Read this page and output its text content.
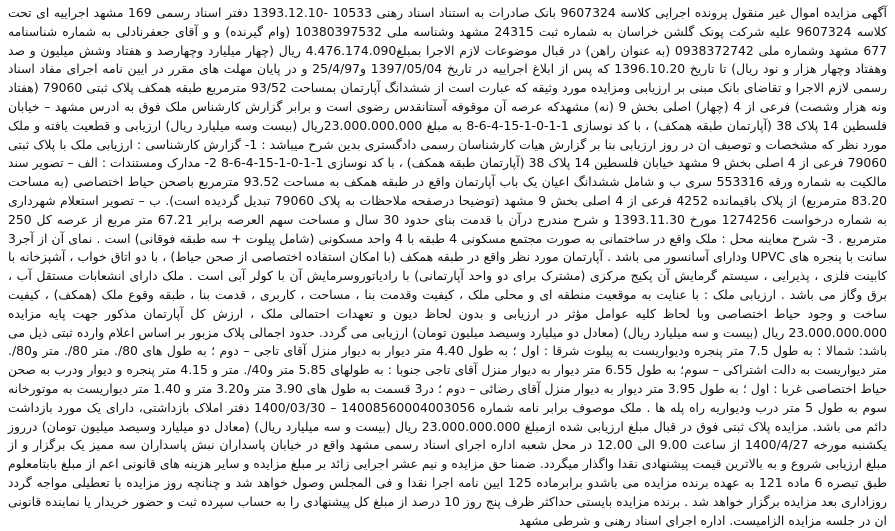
آگهی مزایده اموال غیر منقول پرونده اجرایی کلاسه 9607324 بانک صادرات به استناد اسناد رهنی 10533 -1393.12.10 دفتر اسناد رسمی 169 مشهد اجراییه ای تحت کلاسه 9607324 علیه شرکت پونک گلشن خراسان به شماره ثبت 24315 مشهد وشناسه ملی 10380397532 (وام گیرنده) و و آقای جعفرنادلی به شماره شناسنامه 677 مشهد وشماره ملی 0938372742 (به عنوان راهن) در قبال موضوعات لازم الاجرا بمبلغ4.476.174.090 ریال (چهار میلیارد وچهارصد و هفتاد وشش میلیون و صد وهفتاد وچهار هزار و نود ریال) تا تاریخ 1396.10.20 که پس از ابلاغ اجراییه در تاریخ 1397/05/04 و25/4/97 و در پایان مهلت های مقرر در ایین نامه اجرای مفاد اسناد رسمی لازم الاجرا و تقاضای بانک مبنی بر ارزیابی ومزایده مورد وثیقه که عبارت است از ششدانگ آپارتمان بمساحت 93/52 مترمربع طبقه همکف پلاک ثبتی 79060 (هفتاد ونه هزار وشصت) فرعی از 4 (چهار) اصلی بخش 9 (نه) مشهدکه عرصه آن موقوفه آستانقدس رضوی است و برابر گزارش کارشناس ملک فوق به ادرس مشهد – خیابان فلسطین 14 پلاک 38 (آپارتمان طبقه همکف) ، با کد نوسازی 1-1-0-1-15-4-6-8 به مبلغ 23.000.000.000ریال (بیست وسه میلیارد ریال) ارزیابی و قطعیت یافته و ملک مورد نظر که مشخصات و توصیف ان در روز ارزیابی بنا بر گزارش هیات کارشناسان رسمی دادگستری بدین شرح میباشد : 1- گزارش کارشناسی : ارزیابی ملک با پلاک ثبتی 79060 فرعی از 4 اصلی بخش 9 مشهد خیابان فلسطین 14 پلاک 38 (آپارتمان طبقه همکف) ، با کد نوسازی 1-1-0-1-15-4-6-8 2- مدارک ومستندات : الف – تصویر سند مالکیت به شماره ورقه 553316 سری ب و شامل ششدانگ اعیان یک باب آپارتمان واقع در طبقه همکف به مساحت 93.52 مترمربع باصحن حیاط اختصاصی (به مساحت 83.20 مترمربع) از پلاک باقیمانده 4252 فرعی از 4 اصلی بخش 9 مشهد (توضیحا درصفحه ملاحظات به پلاک 79060 تبدیل گردیده است). ب – تصویر استعلام شهرداری به شماره درخواست 1274256 مورخ 1393.11.30 و شرح مندرج درآن با قدمت بنای حدود 30 سال و مساحت سهم العرصه برابر 67.21 متر مربع از عرصه کل 250 مترمربع . 3- شرح معاینه محل : ملک واقع در ساختمانی به صورت مجتمع مسکونی 4 طبقه با 4 واحد مسکونی (شامل پیلوت + سه طبقه فوقانی) است . نمای آن از آجر3 سانت با پنجره های UPVC ودارای آسانسور می باشد . آپارتمان مورد نظر واقع در طبقه همکف (با امکان استفاده اختصاصی از صحن حیاط) ، با دو اتاق خواب ، آشپزخانه با کابینت فلزی ، پذیرایی ، سیستم گرمایش آن پکیج مرکزی (مشترک برای دو واحد آپارتمانی) با رادیاتوروسرمایش آن با کولر آبی است . ملک دارای انشعابات مستقل آب ، برق وگاز می باشد . ارزیابی ملک : با عنایت به موقعیت منطقه ای و محلی ملک ، کیفیت وقدمت بنا ، مساحت ، کاربری ، قدمت بنا ، طبقه وقوع ملک (همکف) ، کیفیت ساخت و وجود حیاط اختصاصی وبا لحاظ کلیه عوامل مؤثر در ارزیابی و بدون لحاظ دیون و تعهدات احتمالی ملک ، ارزش کل آپارتمان مذکور جهت پایه مزایده 23.000.000.000 ریال (بیست و سه میلیارد ریال) (معادل دو میلیارد وسیصد میلیون تومان) ارزیابی می گردد. حدود اجمالی پلاک مزبور بر اساس اعلام وارده ثبتی ذیل می باشد: شمالا : به طول 7.5 متر پنجره ودیواریست به پیلوت شرقا : اول ؛ به طول 4.40 متر دیوار به دیوار منزل آقای تاجی – دوم ؛ به طول های 80/. متر 80/. متر و80/. متر دیواریست به دالت اشتراکی – سوم؛ به طول 6.55 متر دیوار به دیوار منزل آقای تاجی جنوبا : به طولهای 5.85 متر و40/. متر و 4.15 متر پنجره و دیوار ودرب به صحن حیاط اختصاصی غربا : اول ؛ به طول 3.95 متر دیوار به دیوار منزل آقای رضائی – دوم ؛ در3 قسمت به طول های 3.90 متر و3.20 متر و 1.40 متر دیواریست به موتورخانه سوم به طول 5 متر درب ودیواریه راه پله ها . ملک موصوف برابر نامه شماره 14008560004003056 – 1400/03/30 دفتر املاک بازداشتی، دارای یک مورد بازداشت دائم می باشد. مزایده پلاک ثبتی فوق در قبال مبلغ ارزیابی شده ازمبلغ 23.000.000.000 ریال (بیست و سه میلیارد ریال) (معادل دو میلیارد وسیصد میلیون تومان) درروز یکشنبه مورخه 1400/4/27 از ساعت 9.00 الی 12.00 در محل شعبه اداره اجرای اسناد رسمی مشهد واقع در خیابان پاسداران نبش پاسداران سه ممیز یک برگزار و از مبلغ ارزیابی شروع و به بالاترین قیمت پیشنهادی نقدا واگذار میگردد. ضمنا حق مزایده و نیم عشر اجرایی زائد بر مبلغ مزایده و سایر هزینه های قانونی اعم از مبلغ بابتامعلوم طبق تبصره 6 ماده 121 به عهده برنده مزایده می باشدو برابرماده 125 ایین نامه اجرا نقدا و فی المجلس وصول خواهد شد و چنانچه روز مزایده با تعطیلی مواجه گردد روزاداری بعد مزایده برگزار خواهد شد . برنده مزایده بایستی حداکثر ظرف پنج روز 10 درصد از مبلغ کل پیشنهادی را به حساب سپرده ثبت و حضور خریدار یا نماینده قانونی ان در جلسه مزایده الزامیست. اداره اجرای اسناد رهنی و شرطی مشهد
